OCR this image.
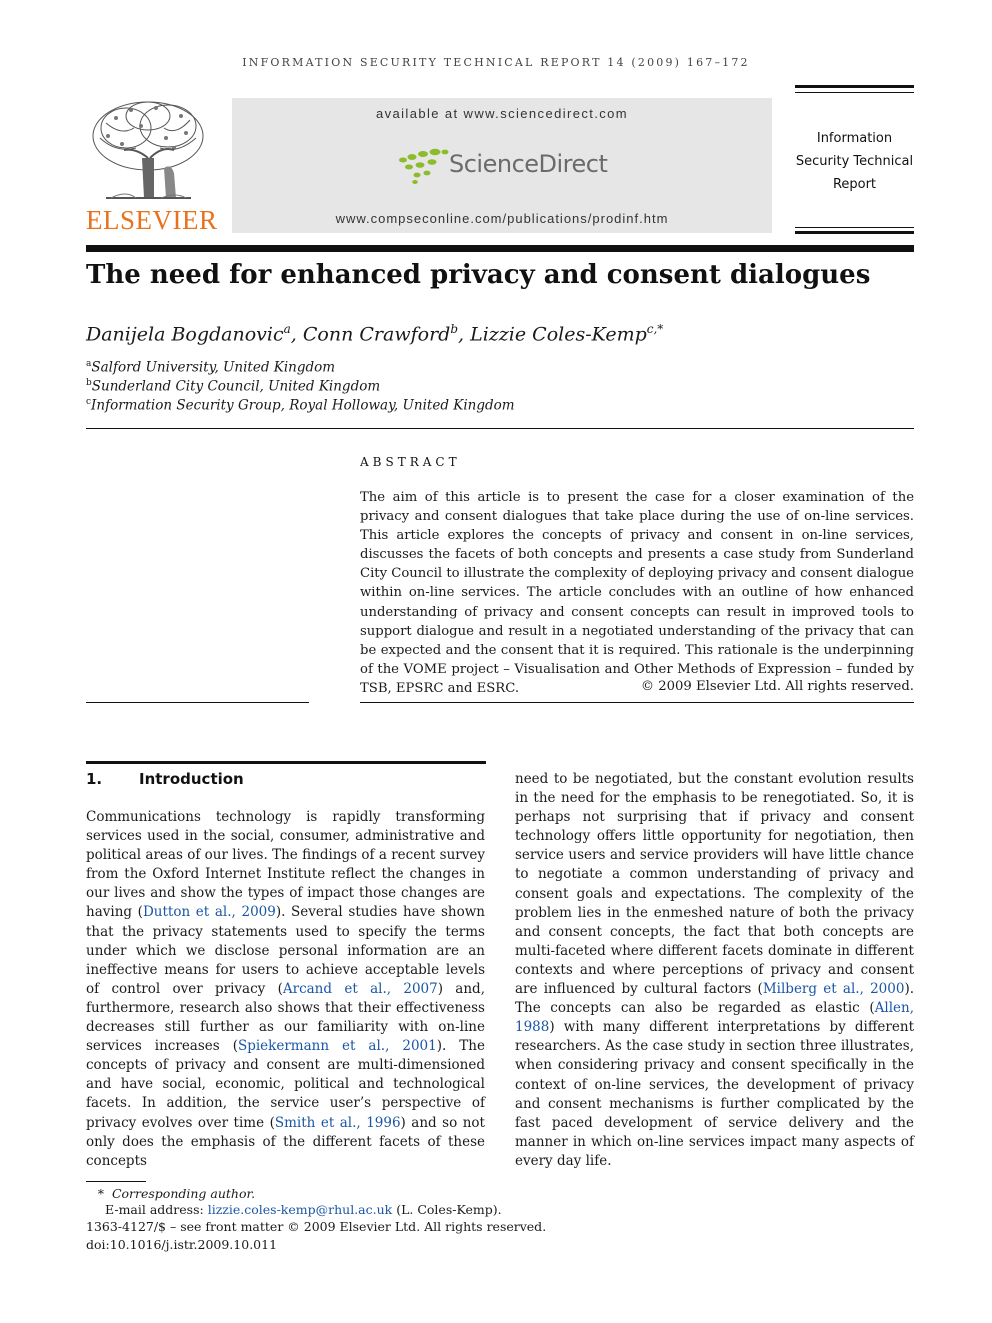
INFORMATION SECURITY TECHNICAL REPORT 14 (2009) 167–172
ELSEVIER
available at www.sciencedirect.com
ScienceDirect
www.compseconline.com/publications/prodinf.htm
Information
Security Technical
Report
The need for enhanced privacy and consent dialogues
Danijela Bogdanovic$^a$, Conn Crawford$^b$, Lizzie Coles-Kemp$^{c,*}$
$^a$Salford University, United Kingdom
$^b$Sunderland City Council, United Kingdom
$^c$Information Security Group, Royal Holloway, United Kingdom
ABSTRACT
The aim of this article is to present the case for a closer examination of the privacy and consent dialogues that take place during the use of on-line services. This article explores the concepts of privacy and consent in on-line services, discusses the facets of both concepts and presents a case study from Sunderland City Council to illustrate the complexity of deploying privacy and consent dialogue within on-line services. The article concludes with an outline of how enhanced understanding of privacy and consent concepts can result in improved tools to support dialogue and result in a negotiated understanding of the privacy that can be expected and the consent that it is required. This rationale is the underpinning of the VOME project – Visualisation and Other Methods of Expression – funded by TSB, EPSRC and ESRC.	© 2009 Elsevier Ltd. All rights reserved.
1. Introduction
Communications technology is rapidly transforming services used in the social, consumer, administrative and political areas of our lives. The findings of a recent survey from the Oxford Internet Institute reflect the changes in our lives and show the types of impact those changes are having (Dutton et al., 2009). Several studies have shown that the privacy statements used to specify the terms under which we disclose personal information are an ineffective means for users to achieve acceptable levels of control over privacy (Arcand et al., 2007) and, furthermore, research also shows that their effectiveness decreases still further as our familiarity with on-line services increases (Spiekermann et al., 2001). The concepts of privacy and consent are multi-dimensioned and have social, economic, political and technological facets. In addition, the service user’s perspective of privacy evolves over time (Smith et al., 1996) and so not only does the emphasis of the different facets of these concepts
need to be negotiated, but the constant evolution results in the need for the emphasis to be renegotiated. So, it is perhaps not surprising that if privacy and consent technology offers little opportunity for negotiation, then service users and service providers will have little chance to negotiate a common understanding of privacy and consent goals and expectations. The complexity of the problem lies in the enmeshed nature of both the privacy and consent concepts, the fact that both concepts are multi-faceted where different facets dominate in different contexts and where perceptions of privacy and consent are influenced by cultural factors (Milberg et al., 2000). The concepts can also be regarded as elastic (Allen, 1988) with many different interpretations by different researchers. As the case study in section three illustrates, when considering privacy and consent specifically in the context of on-line services, the development of privacy and consent mechanisms is further complicated by the fast paced development of service delivery and the manner in which on-line services impact many aspects of every day life.
* Corresponding author.
E-mail address: lizzie.coles-kemp@rhul.ac.uk (L. Coles-Kemp).
1363-4127/$ – see front matter © 2009 Elsevier Ltd. All rights reserved.
doi:10.1016/j.istr.2009.10.011
